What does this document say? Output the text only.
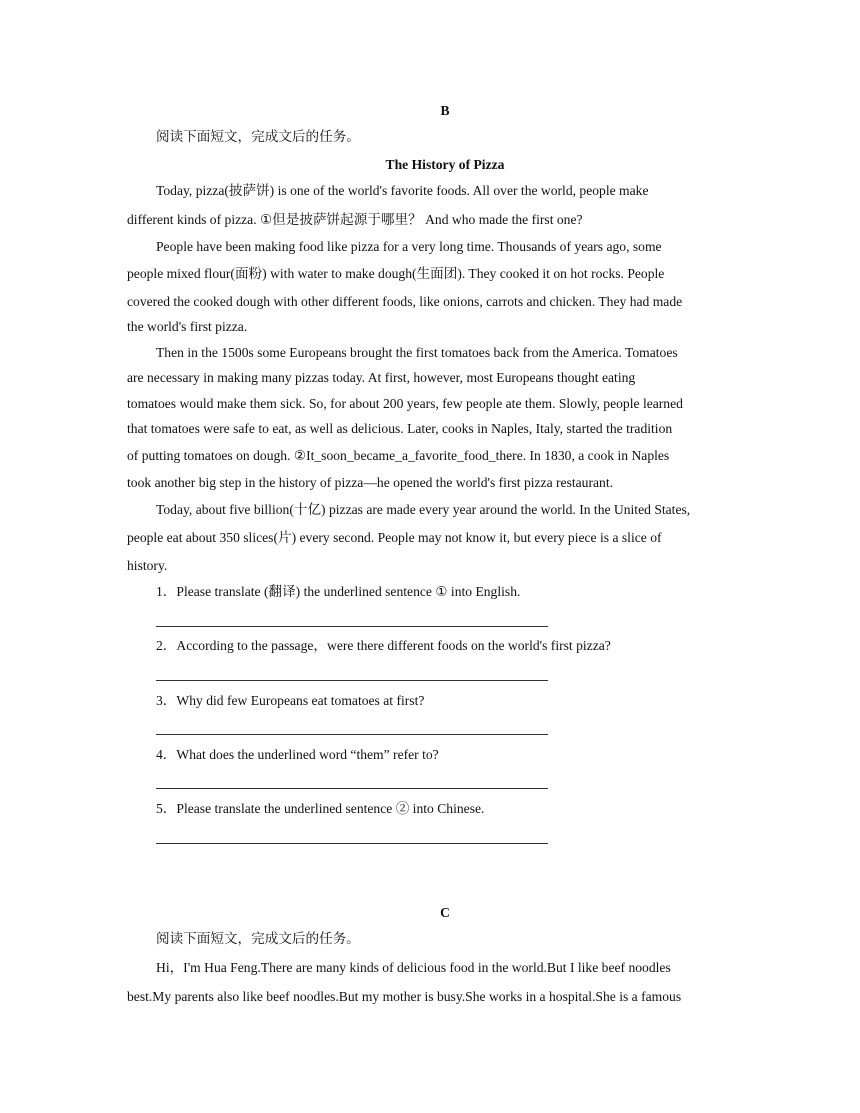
B
阅读下面短文，完成文后的任务。
The History of Pizza
Today, pizza(披萨饼) is one of the world's favorite foods. All over the world, people make
different kinds of pizza. ①但是披萨饼起源于哪里？ And who made the first one?
People have been making food like pizza for a very long time. Thousands of years ago, some
people mixed flour(面粉) with water to make dough(生面团). They cooked it on hot rocks. People
covered the cooked dough with other different foods, like onions, carrots and chicken. They had made
the world's first pizza.
Then in the 1500s some Europeans brought the first tomatoes back from the America. Tomatoes
are necessary in making many pizzas today. At first, however, most Europeans thought eating
tomatoes would make them sick. So, for about 200 years, few people ate them. Slowly, people learned
that tomatoes were safe to eat, as well as delicious. Later, cooks in Naples, Italy, started the tradition
of putting tomatoes on dough. ②It_soon_became_a_favorite_food_there. In 1830, a cook in Naples
took another big step in the history of pizza—he opened the world's first pizza restaurant.
Today, about five billion(十亿) pizzas are made every year around the world. In the United States,
people eat about 350 slices(片) every second. People may not know it, but every piece is a slice of
history.
1．Please translate (翻译) the underlined sentence ① into English.
2．According to the passage，were there different foods on the world's first pizza?
3．Why did few Europeans eat tomatoes at first?
4．What does the underlined word “them” refer to?
5．Please translate the underlined sentence ② into Chinese.
C
阅读下面短文，完成文后的任务。
Hi，I'm Hua Feng.There are many kinds of delicious food in the world.But I like beef noodles
best.My parents also like beef noodles.But my mother is busy.She works in a hospital.She is a famous
